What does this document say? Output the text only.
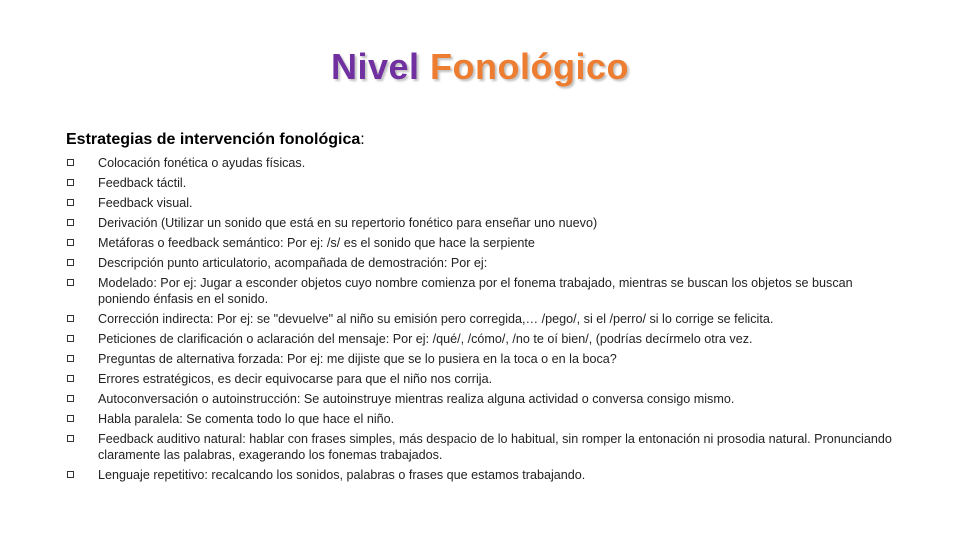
Nivel Fonológico
Estrategias de intervención fonológica:
Colocación fonética o ayudas físicas.
Feedback táctil.
Feedback visual.
Derivación (Utilizar un sonido que está en su repertorio fonético para enseñar uno nuevo)
Metáforas o feedback semántico: Por ej: /s/ es el sonido que hace la serpiente
Descripción punto articulatorio, acompañada de demostración: Por ej:
Modelado: Por ej: Jugar a esconder objetos cuyo nombre comienza por el fonema trabajado, mientras se buscan los objetos se buscan poniendo énfasis en el sonido.
Corrección indirecta: Por ej: se "devuelve" al niño su emisión pero corregida,… /pego/, si el /perro/ si lo corrige se felicita.
Peticiones de clarificación o aclaración del mensaje: Por ej: /qué/, /cómo/, /no te oí bien/, (podrías decírmelo otra vez.
Preguntas de alternativa forzada: Por ej: me dijiste que se lo pusiera en la toca o en la boca?
Errores estratégicos, es decir equivocarse para que el niño nos corrija.
Autoconversación o autoinstrucción: Se autoinstruye mientras realiza alguna actividad o conversa consigo mismo.
Habla paralela: Se comenta todo lo que hace el niño.
Feedback auditivo natural: hablar con frases simples, más despacio de lo habitual, sin romper la entonación ni prosodia natural. Pronunciando claramente las palabras, exagerando los fonemas trabajados.
Lenguaje repetitivo: recalcando los sonidos, palabras o frases que estamos trabajando.
